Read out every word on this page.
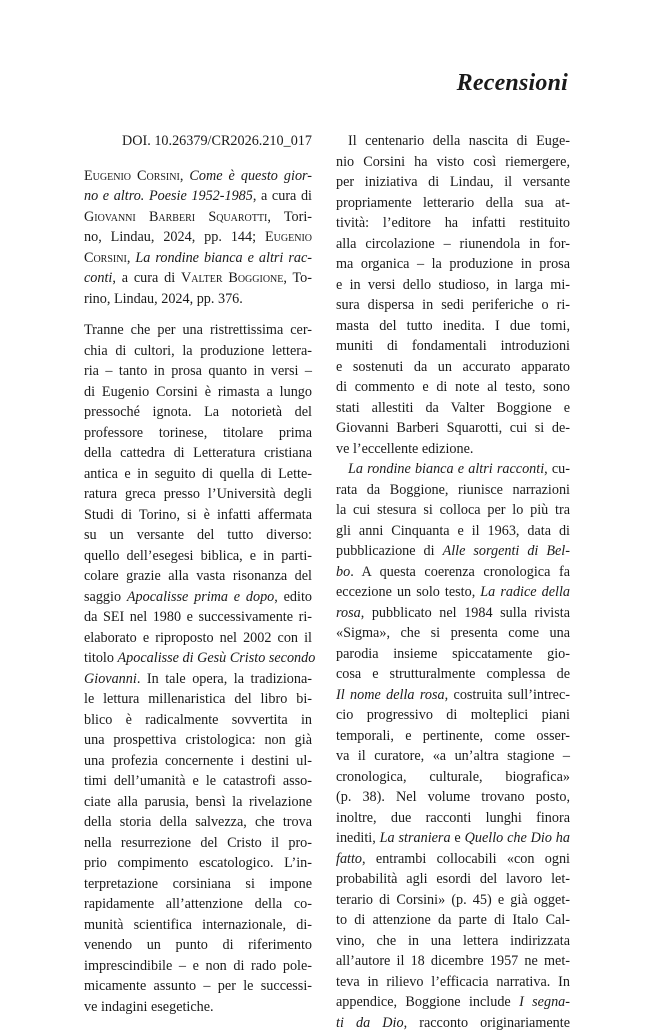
Recensioni
DOI. 10.26379/CR2026.210_017
Eugenio Corsini, Come è questo gior-
no e altro. Poesie 1952-1985, a cura di
Giovanni Barberi Squarotti, Tori-
no, Lindau, 2024, pp. 144; Eugenio
Corsini, La rondine bianca e altri rac-
conti, a cura di Valter Boggione, To-
rino, Lindau, 2024, pp. 376.
Tranne che per una ristrettissima cer-
chia di cultori, la produzione lettera-
ria – tanto in prosa quanto in versi –
di Eugenio Corsini è rimasta a lungo
pressoché ignota. La notorietà del
professore torinese, titolare prima
della cattedra di Letteratura cristiana
antica e in seguito di quella di Lette-
ratura greca presso l’Università degli
Studi di Torino, si è infatti affermata
su un versante del tutto diverso:
quello dell’esegesi biblica, e in parti-
colare grazie alla vasta risonanza del
saggio Apocalisse prima e dopo, edito
da SEI nel 1980 e successivamente ri-
elaborato e riproposto nel 2002 con il
titolo Apocalisse di Gesù Cristo secondo
Giovanni. In tale opera, la tradiziona-
le lettura millenaristica del libro bi-
blico è radicalmente sovvertita in
una prospettiva cristologica: non già
una profezia concernente i destini ul-
timi dell’umanità e le catastrofi asso-
ciate alla parusia, bensì la rivelazione
della storia della salvezza, che trova
nella resurrezione del Cristo il pro-
prio compimento escatologico. L’in-
terpretazione corsiniana si impone
rapidamente all’attenzione della co-
munità scientifica internazionale, di-
venendo un punto di riferimento
imprescindibile – e non di rado pole-
micamente assunto – per le successi-
ve indagini esegetiche.
Il centenario della nascita di Euge-
nio Corsini ha visto così riemergere,
per iniziativa di Lindau, il versante
propriamente letterario della sua at-
tività: l’editore ha infatti restituito
alla circolazione – riunendola in for-
ma organica – la produzione in prosa
e in versi dello studioso, in larga mi-
sura dispersa in sedi periferiche o ri-
masta del tutto inedita. I due tomi,
muniti di fondamentali introduzioni
e sostenuti da un accurato apparato
di commento e di note al testo, sono
stati allestiti da Valter Boggione e
Giovanni Barberi Squarotti, cui si de-
ve l’eccellente edizione.
La rondine bianca e altri racconti, cu-
rata da Boggione, riunisce narrazioni
la cui stesura si colloca per lo più tra
gli anni Cinquanta e il 1963, data di
pubblicazione di Alle sorgenti di Bel-
bo. A questa coerenza cronologica fa
eccezione un solo testo, La radice della
rosa, pubblicato nel 1984 sulla rivista
«Sigma», che si presenta come una
parodia insieme spiccatamente gio-
cosa e strutturalmente complessa de
Il nome della rosa, costruita sull’intrec-
cio progressivo di molteplici piani
temporali, e pertinente, come osser-
va il curatore, «a un’altra stagione –
cronologica, culturale, biografica»
(p. 38). Nel volume trovano posto,
inoltre, due racconti lunghi finora
inediti, La straniera e Quello che Dio ha
fatto, entrambi collocabili «con ogni
probabilità agli esordi del lavoro let-
terario di Corsini» (p. 45) e già ogget-
to di attenzione da parte di Italo Cal-
vino, che in una lettera indirizzata
all’autore il 18 dicembre 1957 ne met-
teva in rilievo l’efficacia narrativa. In
appendice, Boggione include I segna-
ti da Dio, racconto originariamente
